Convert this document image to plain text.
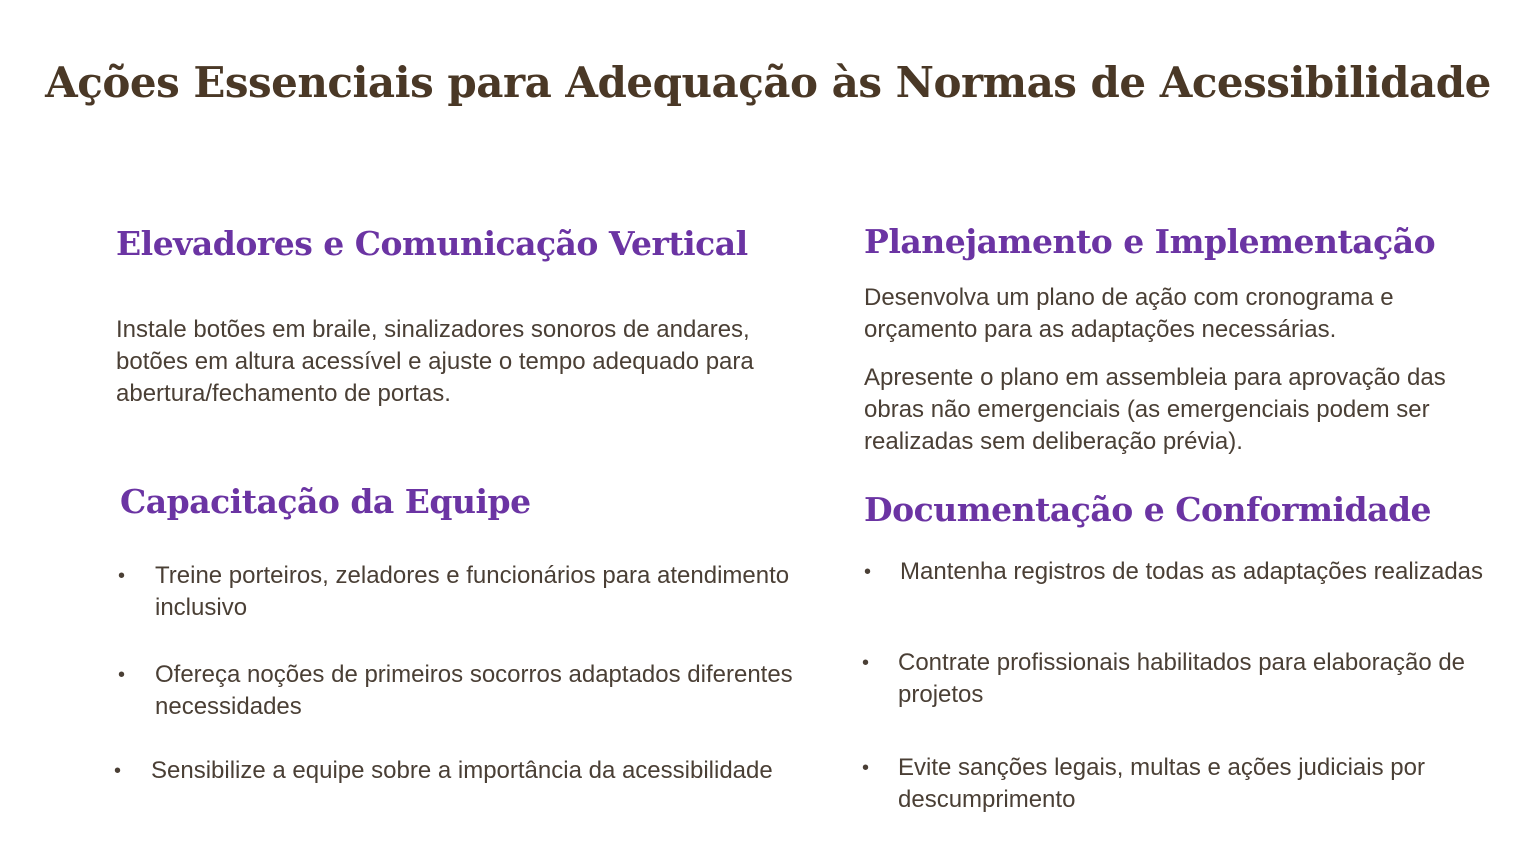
Ações Essenciais para Adequação às Normas de Acessibilidade
Elevadores e Comunicação Vertical

Instale botões em braile, sinalizadores sonoros de andares, botões em altura acessível e ajuste o tempo adequado para abertura/fechamento de portas.

Planejamento e Implementação

Desenvolva um plano de ação com cronograma e orçamento para as adaptações necessárias.

Apresente o plano em assembleia para aprovação das obras não emergenciais (as emergenciais podem ser realizadas sem deliberação prévia).

Capacitação da Equipe
• Treine porteiros, zeladores e funcionários para atendimento inclusivo
• Ofereça noções de primeiros socorros adaptados diferentes necessidades
• Sensibilize a equipe sobre a importância da acessibilidade
Documentação e Conformidade
• Mantenha registros de todas as adaptações realizadas
• Contrate profissionais habilitados para elaboração de projetos
• Evite sanções legais, multas e ações judiciais por descumprimento
